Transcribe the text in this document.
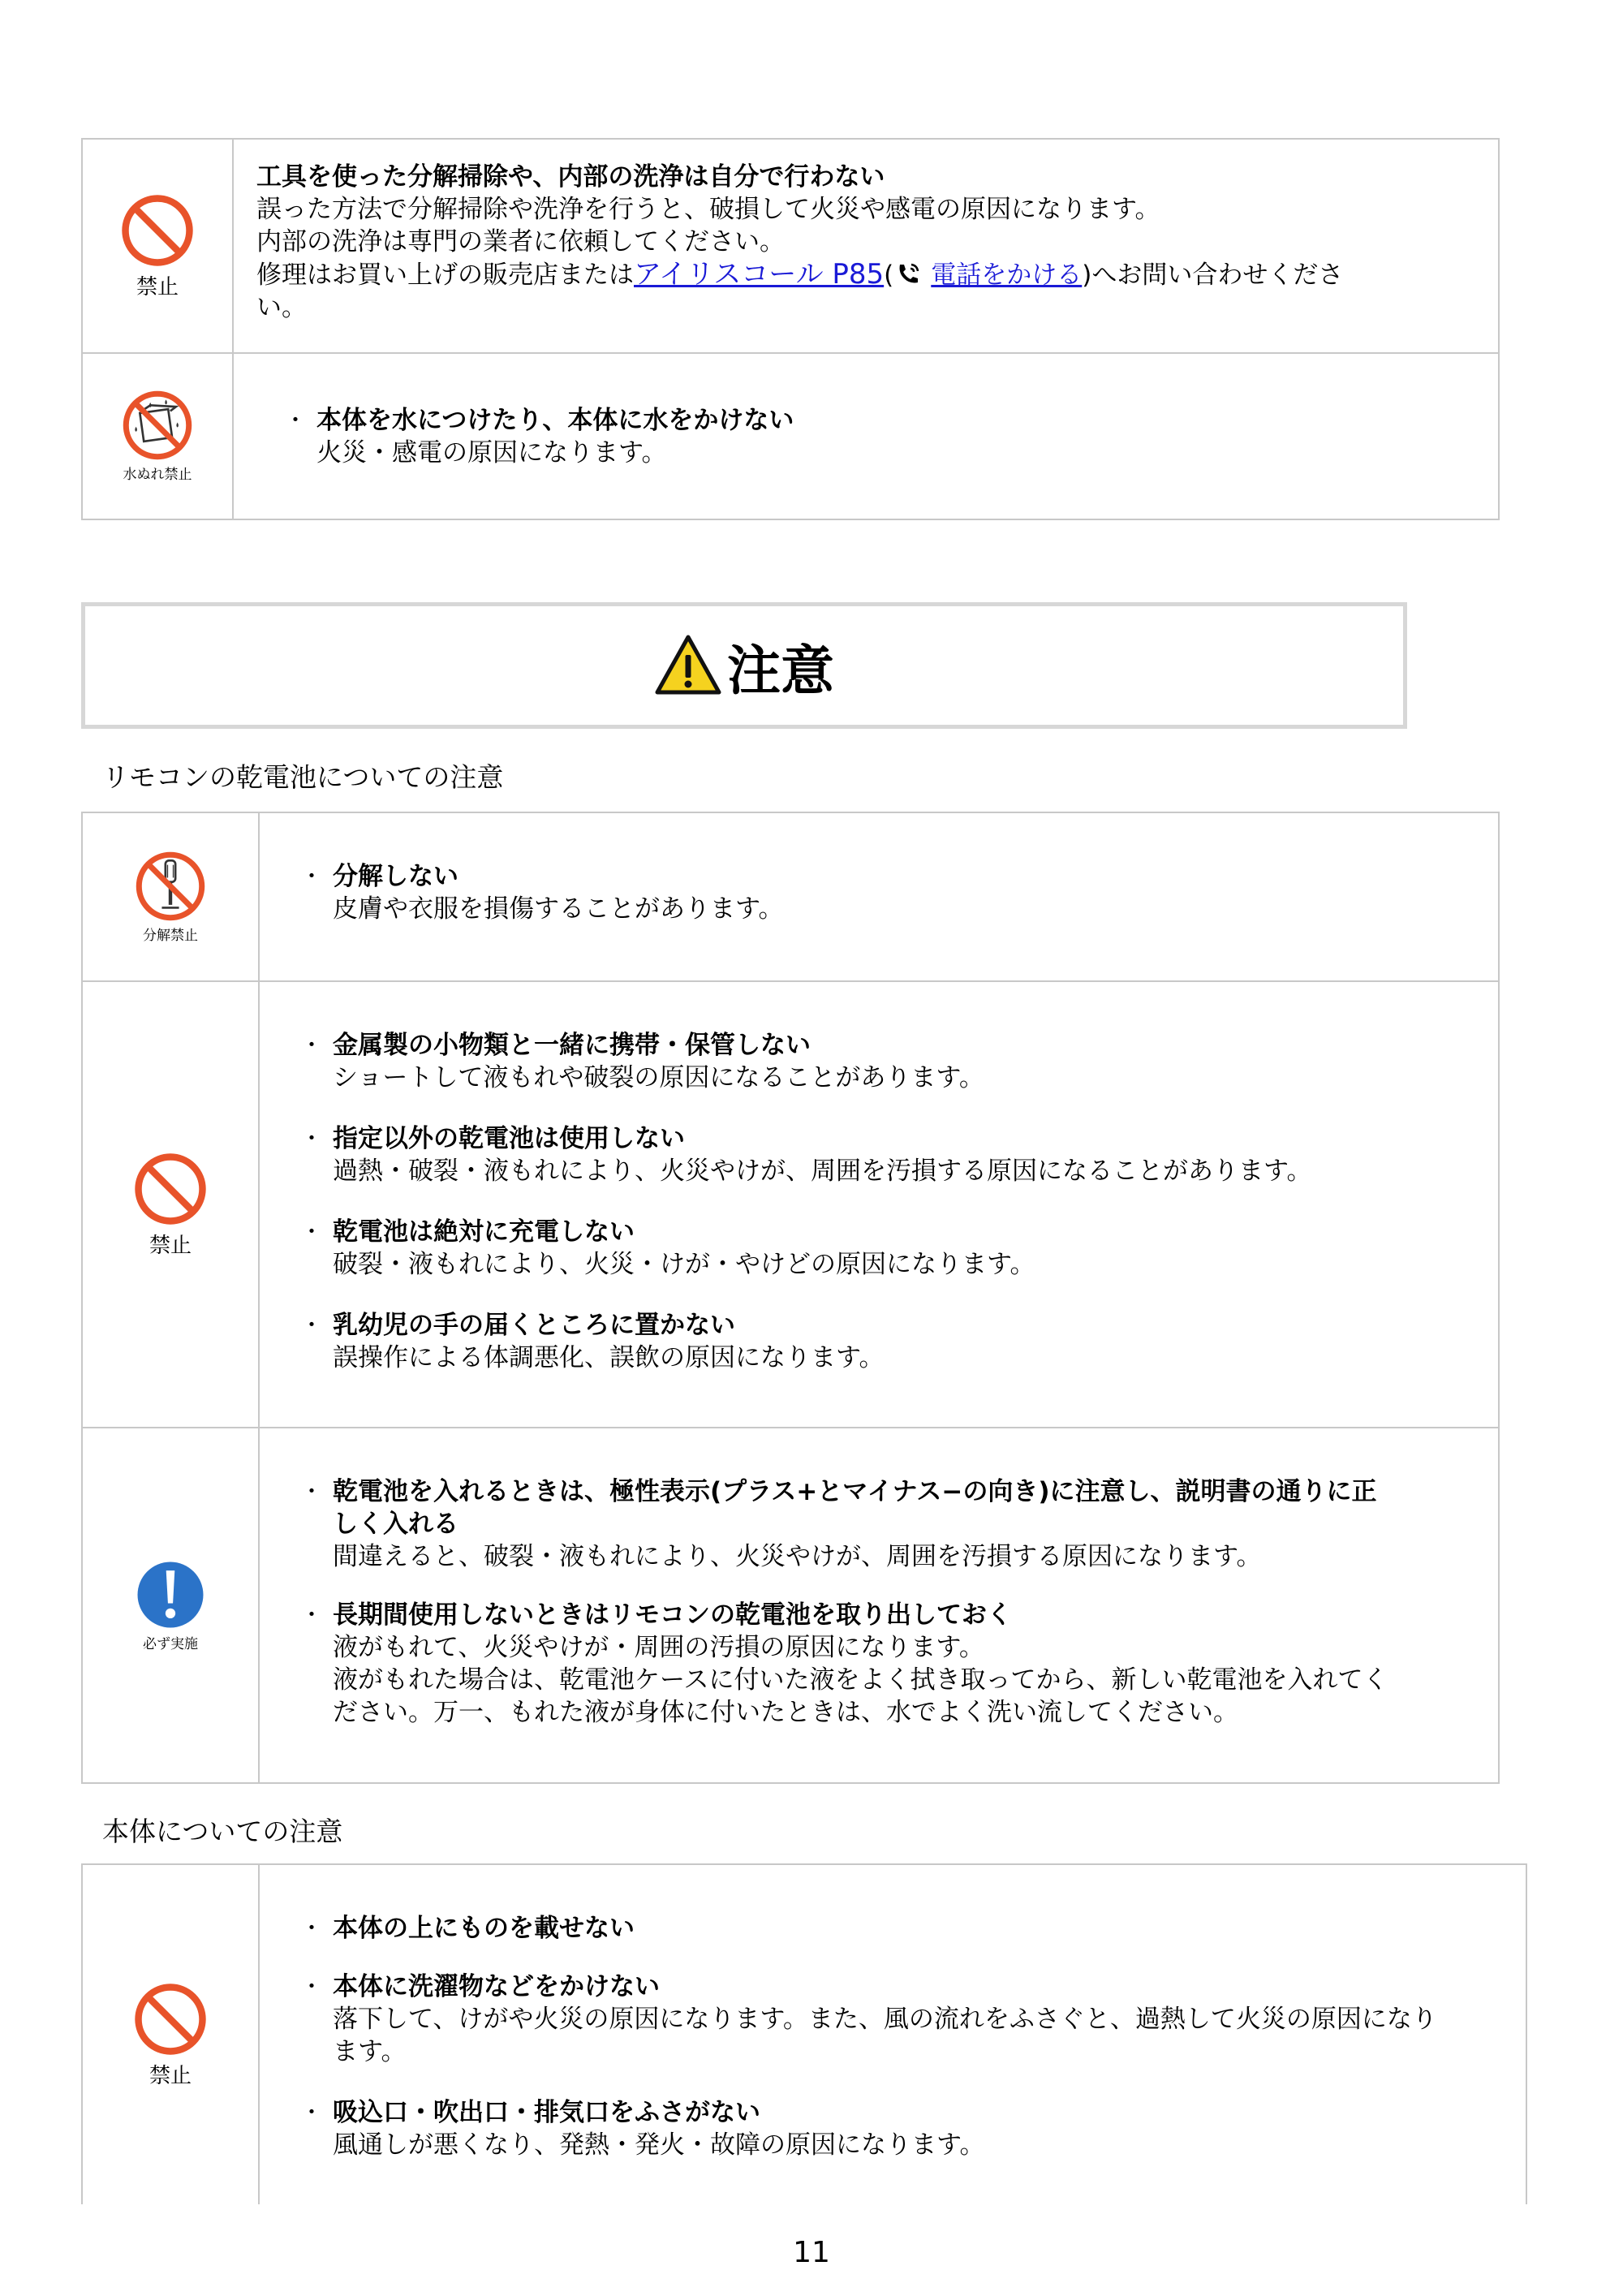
禁止
工具を使った分解掃除や、内部の洗浄は自分で行わない
誤った方法で分解掃除や洗浄を行うと、破損して火災や感電の原因になります。
内部の洗浄は専門の業者に依頼してください。
修理はお買い上げの販売店またはアイリスコール P85( 電話をかける)へお問い合わせくださ
い。
水ぬれ禁止
・ 本体を水につけたり、本体に水をかけない
火災・感電の原因になります。
注意
リモコンの乾電池についての注意
分解禁止
・ 分解しない
皮膚や衣服を損傷することがあります。
禁止
・ 金属製の小物類と一緒に携帯・保管しない
ショートして液もれや破裂の原因になることがあります。
・ 指定以外の乾電池は使用しない
過熱・破裂・液もれにより、火災やけが、周囲を汚損する原因になることがあります。
・ 乾電池は絶対に充電しない
破裂・液もれにより、火災・けが・やけどの原因になります。
・ 乳幼児の手の届くところに置かない
誤操作による体調悪化、誤飲の原因になります。
必ず実施
・ 乾電池を入れるときは、極性表示(プラス+とマイナス−の向き)に注意し、説明書の通りに正
しく入れる
間違えると、破裂・液もれにより、火災やけが、周囲を汚損する原因になります。
・ 長期間使用しないときはリモコンの乾電池を取り出しておく
液がもれて、火災やけが・周囲の汚損の原因になります。
液がもれた場合は、乾電池ケースに付いた液をよく拭き取ってから、新しい乾電池を入れてく
ださい。万一、もれた液が身体に付いたときは、水でよく洗い流してください。
本体についての注意
禁止
・ 本体の上にものを載せない
・ 本体に洗濯物などをかけない
落下して、けがや火災の原因になります。また、風の流れをふさぐと、過熱して火災の原因になり
ます。
・ 吸込口・吹出口・排気口をふさがない
風通しが悪くなり、発熱・発火・故障の原因になります。
11
